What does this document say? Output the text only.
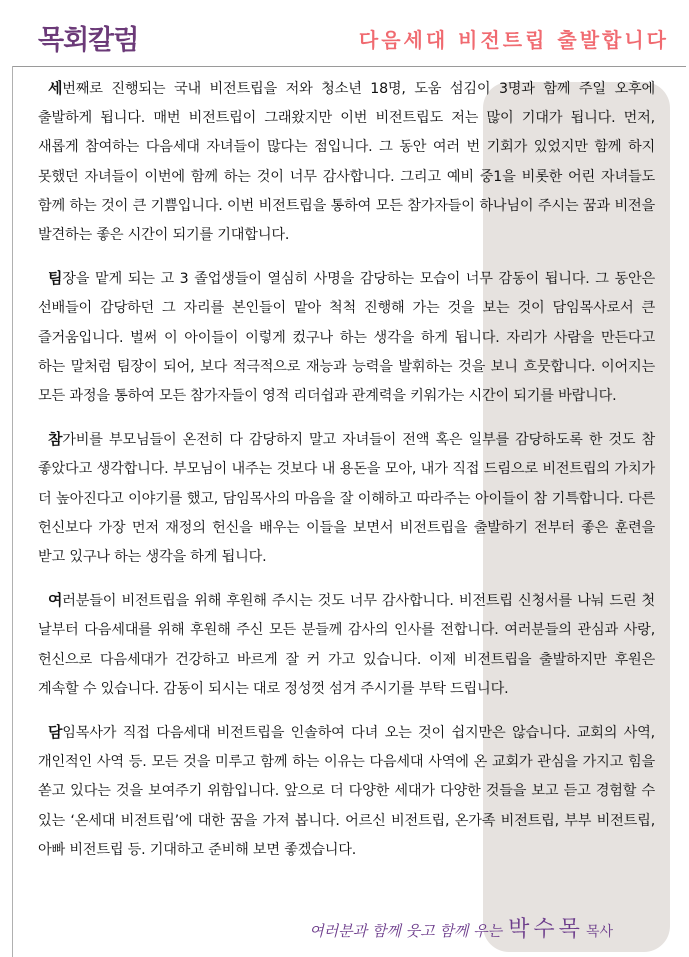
목회칼럼	다음세대 비전트립 출발합니다

세번째로 진행되는 국내 비전트립을 저와 청소년 18명, 도움 섬김이 3명과 함께 주일 오후에 출발하게 됩니다. 매번 비전트립이 그래왔지만 이번 비전트립도 저는 많이 기대가 됩니다. 먼저, 새롭게 참여하는 다음세대 자녀들이 많다는 점입니다. 그 동안 여러 번 기회가 있었지만 함께 하지 못했던 자녀들이 이번에 함께 하는 것이 너무 감사합니다. 그리고 예비 중1을 비롯한 어린 자녀들도 함께 하는 것이 큰 기쁨입니다. 이번 비전트립을 통하여 모든 참가자들이 하나님이 주시는 꿈과 비전을 발견하는 좋은 시간이 되기를 기대합니다.

팀장을 맡게 되는 고 3 졸업생들이 열심히 사명을 감당하는 모습이 너무 감동이 됩니다. 그 동안은 선배들이 감당하던 그 자리를 본인들이 맡아 척척 진행해 가는 것을 보는 것이 담임목사로서 큰 즐거움입니다. 벌써 이 아이들이 이렇게 컸구나 하는 생각을 하게 됩니다. 자리가 사람을 만든다고 하는 말처럼 팀장이 되어, 보다 적극적으로 재능과 능력을 발휘하는 것을 보니 흐뭇합니다. 이어지는 모든 과정을 통하여 모든 참가자들이 영적 리더쉽과 관계력을 키워가는 시간이 되기를 바랍니다.

참가비를 부모님들이 온전히 다 감당하지 말고 자녀들이 전액 혹은 일부를 감당하도록 한 것도 참 좋았다고 생각합니다. 부모님이 내주는 것보다 내 용돈을 모아, 내가 직접 드림으로 비전트립의 가치가 더 높아진다고 이야기를 했고, 담임목사의 마음을 잘 이해하고 따라주는 아이들이 참 기특합니다. 다른 헌신보다 가장 먼저 재정의 헌신을 배우는 이들을 보면서 비전트립을 출발하기 전부터 좋은 훈련을 받고 있구나 하는 생각을 하게 됩니다.

여러분들이 비전트립을 위해 후원해 주시는 것도 너무 감사합니다. 비전트립 신청서를 나눠 드린 첫 날부터 다음세대를 위해 후원해 주신 모든 분들께 감사의 인사를 전합니다. 여러분들의 관심과 사랑, 헌신으로 다음세대가 건강하고 바르게 잘 커 가고 있습니다. 이제 비전트립을 출발하지만 후원은 계속할 수 있습니다. 감동이 되시는 대로 정성껏 섬겨 주시기를 부탁 드립니다.

담임목사가 직접 다음세대 비전트립을 인솔하여 다녀 오는 것이 쉽지만은 않습니다. 교회의 사역, 개인적인 사역 등. 모든 것을 미루고 함께 하는 이유는 다음세대 사역에 온 교회가 관심을 가지고 힘을 쏟고 있다는 것을 보여주기 위함입니다. 앞으로 더 다양한 세대가 다양한 것들을 보고 듣고 경험할 수 있는 ‘온세대 비전트립’에 대한 꿈을 가져 봅니다. 어르신 비전트립, 온가족 비전트립, 부부 비전트립, 아빠 비전트립 등. 기대하고 준비해 보면 좋겠습니다.

여러분과 함께 웃고 함께 우는 박수목 목사
